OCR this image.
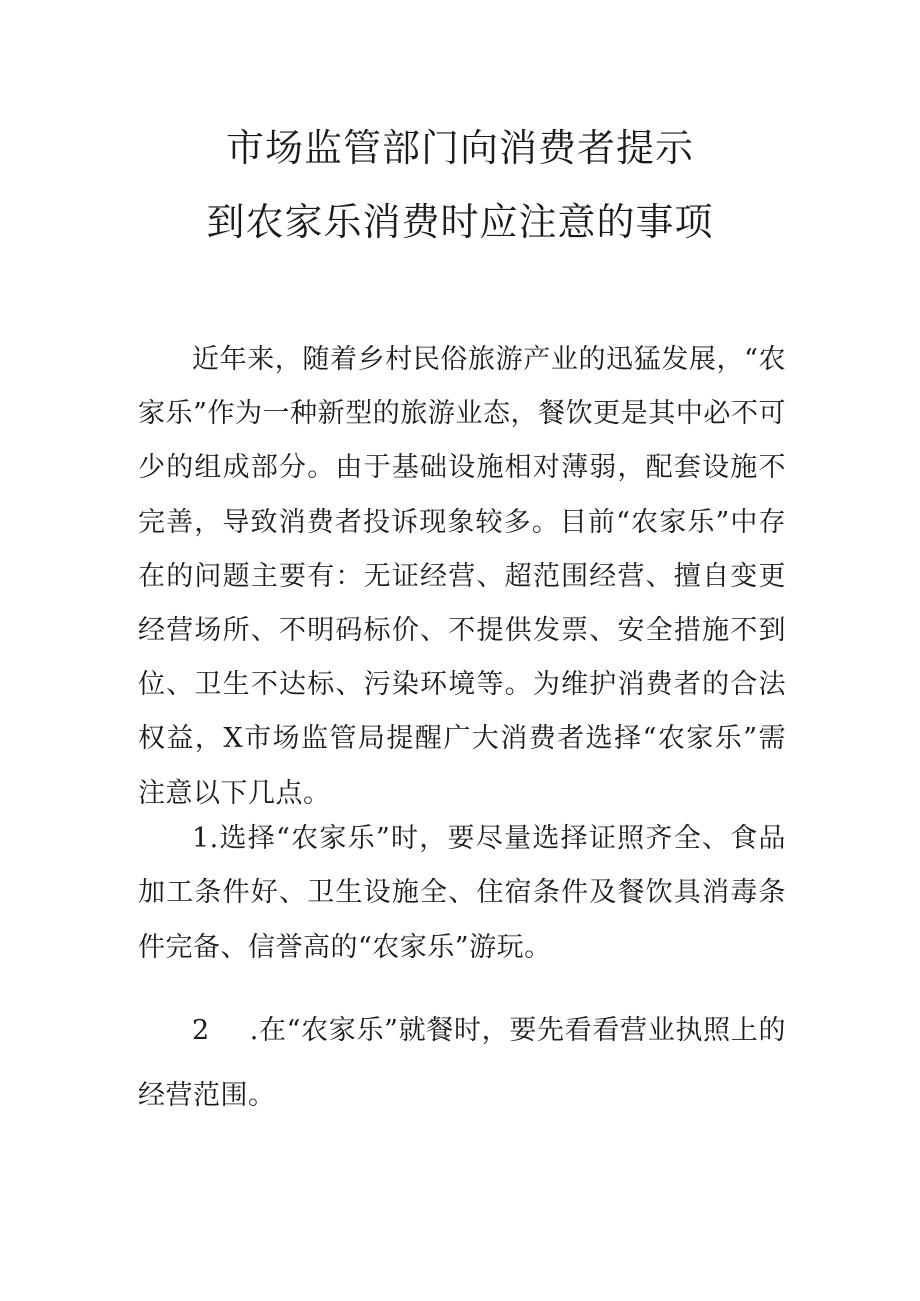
市场监管部门向消费者提示
到农家乐消费时应注意的事项

近年来，随着乡村民俗旅游产业的迅猛发展，“农家乐”作为一种新型的旅游业态，餐饮更是其中必不可少的组成部分。由于基础设施相对薄弱，配套设施不完善，导致消费者投诉现象较多。目前“农家乐”中存在的问题主要有：无证经营、超范围经营、擅自变更经营场所、不明码标价、不提供发票、安全措施不到位、卫生不达标、污染环境等。为维护消费者的合法权益，X市场监管局提醒广大消费者选择“农家乐”需注意以下几点。

1.选择“农家乐”时，要尽量选择证照齐全、食品加工条件好、卫生设施全、住宿条件及餐饮具消毒条件完备、信誉高的“农家乐”游玩。

2 .在“农家乐”就餐时，要先看看营业执照上的经营范围。
